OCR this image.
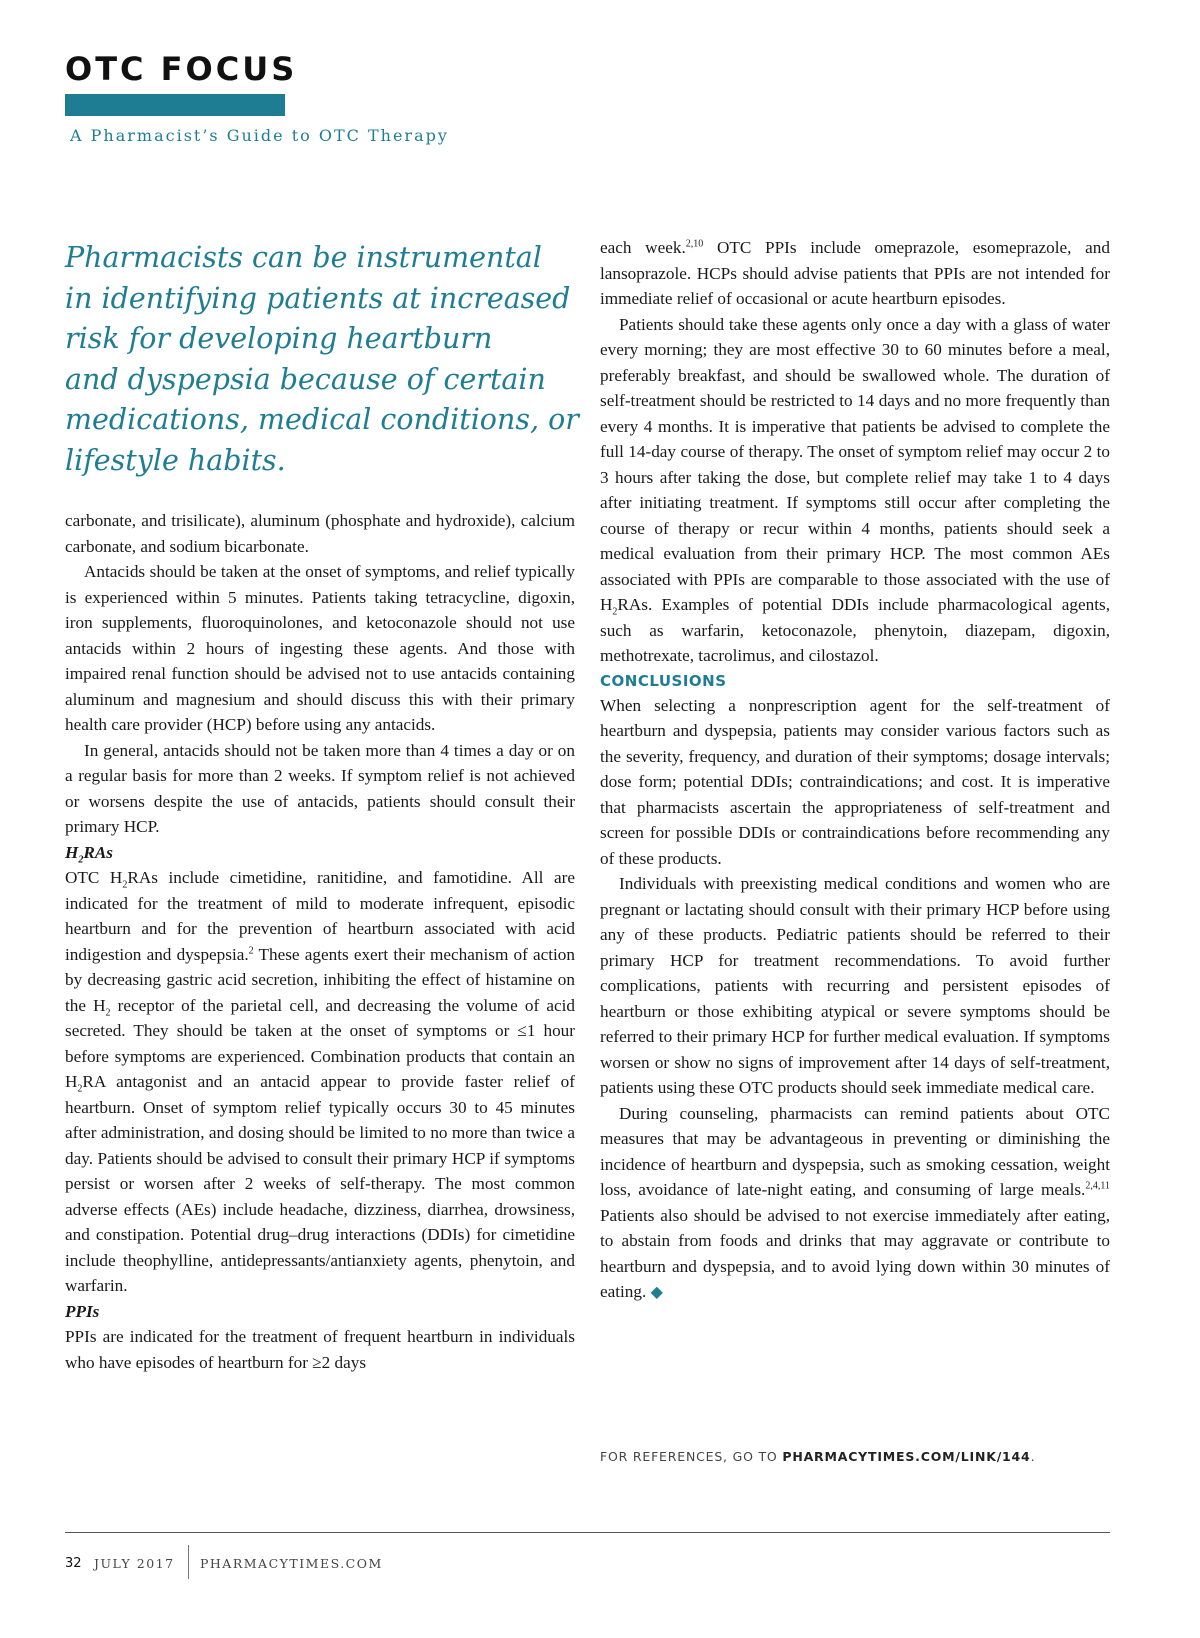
OTC FOCUS
A Pharmacist’s Guide to OTC Therapy
Pharmacists can be instrumental
in identifying patients at increased
risk for developing heartburn
and dyspepsia because of certain
medications, medical conditions, or
lifestyle habits.

carbonate, and trisilicate), aluminum (phosphate and hydroxide), calcium carbonate, and sodium bicarbonate.

Antacids should be taken at the onset of symptoms, and relief typically is experienced within 5 minutes. Patients taking tetracycline, digoxin, iron supplements, fluoroquinolones, and ketoconazole should not use antacids within 2 hours of ingesting these agents. And those with impaired renal function should be advised not to use antacids containing aluminum and magnesium and should discuss this with their primary health care provider (HCP) before using any antacids.

In general, antacids should not be taken more than 4 times a day or on a regular basis for more than 2 weeks. If symptom relief is not achieved or worsens despite the use of antacids, patients should consult their primary HCP.

$H_2RAs$

OTC $H_2RAs$ include cimetidine, ranitidine, and famotidine. All are indicated for the treatment of mild to moderate infrequent, episodic heartburn and for the prevention of heartburn associated with acid indigestion and dyspepsia.$^2$ These agents exert their mechanism of action by decreasing gastric acid secretion, inhibiting the effect of histamine on the $H_2$ receptor of the parietal cell, and decreasing the volume of acid secreted. They should be taken at the onset of symptoms or ≤1 hour before symptoms are experienced. Combination products that contain an $H_2RA$ antagonist and an antacid appear to provide faster relief of heartburn. Onset of symptom relief typically occurs 30 to 45 minutes after administration, and dosing should be limited to no more than twice a day. Patients should be advised to consult their primary HCP if symptoms persist or worsen after 2 weeks of self-therapy. The most common adverse effects (AEs) include headache, dizziness, diarrhea, drowsiness, and constipation. Potential drug–drug interactions (DDIs) for cimetidine include theophylline, antidepressants/antianxiety agents, phenytoin, and warfarin.

PPIs

PPIs are indicated for the treatment of frequent heartburn in individuals who have episodes of heartburn for ≥2 days

each week.$^{2,10}$ OTC PPIs include omeprazole, esomeprazole, and lansoprazole. HCPs should advise patients that PPIs are not intended for immediate relief of occasional or acute heartburn episodes.

Patients should take these agents only once a day with a glass of water every morning; they are most effective 30 to 60 minutes before a meal, preferably breakfast, and should be swallowed whole. The duration of self-treatment should be restricted to 14 days and no more frequently than every 4 months. It is imperative that patients be advised to complete the full 14-day course of therapy. The onset of symptom relief may occur 2 to 3 hours after taking the dose, but complete relief may take 1 to 4 days after initiating treatment. If symptoms still occur after completing the course of therapy or recur within 4 months, patients should seek a medical evaluation from their primary HCP. The most common AEs associated with PPIs are comparable to those associated with the use of $H_2RAs$. Examples of potential DDIs include pharmacological agents, such as warfarin, ketoconazole, phenytoin, diazepam, digoxin, methotrexate, tacrolimus, and cilostazol.

CONCLUSIONS

When selecting a nonprescription agent for the self-treatment of heartburn and dyspepsia, patients may consider various factors such as the severity, frequency, and duration of their symptoms; dosage intervals; dose form; potential DDIs; contraindications; and cost. It is imperative that pharmacists ascertain the appropriateness of self-treatment and screen for possible DDIs or contraindications before recommending any of these products.

Individuals with preexisting medical conditions and women who are pregnant or lactating should consult with their primary HCP before using any of these products. Pediatric patients should be referred to their primary HCP for treatment recommendations. To avoid further complications, patients with recurring and persistent episodes of heartburn or those exhibiting atypical or severe symptoms should be referred to their primary HCP for further medical evaluation. If symptoms worsen or show no signs of improvement after 14 days of self-treatment, patients using these OTC products should seek immediate medical care.

During counseling, pharmacists can remind patients about OTC measures that may be advantageous in preventing or diminishing the incidence of heartburn and dyspepsia, such as smoking cessation, weight loss, avoidance of late-night eating, and consuming of large meals.$^{2,4,11}$ Patients also should be advised to not exercise immediately after eating, to abstain from foods and drinks that may aggravate or contribute to heartburn and dyspepsia, and to avoid lying down within 30 minutes of eating. ◆

FOR REFERENCES, GO TO PHARMACYTIMES.COM/LINK/144.
32 JULY 2017 PHARMACYTIMES.COM
